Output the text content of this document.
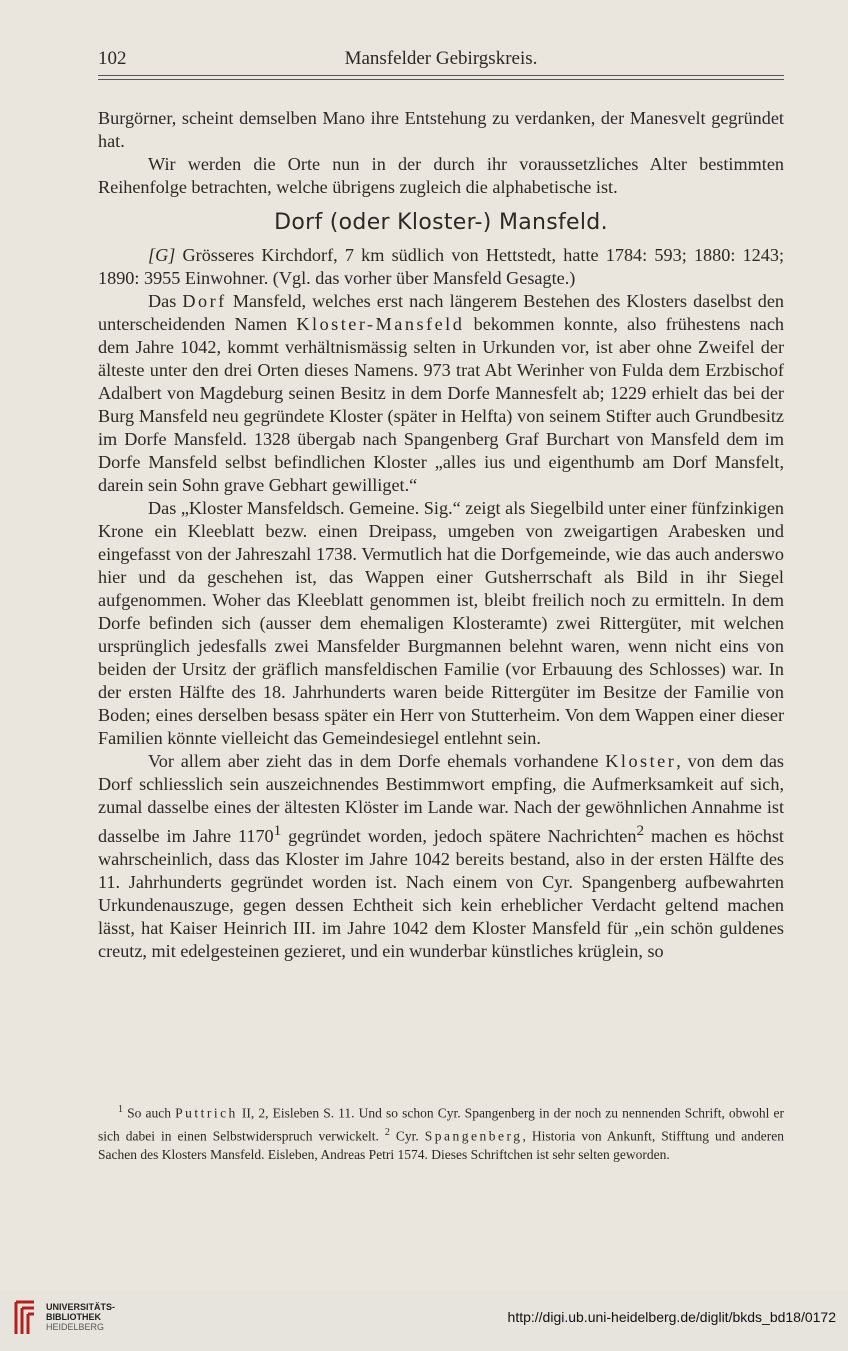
102	Mansfelder Gebirgskreis.

Burgörner, scheint demselben Mano ihre Entstehung zu verdanken, der Manesvelt gegründet hat.

Wir werden die Orte nun in der durch ihr voraussetzliches Alter bestimmten Reihenfolge betrachten, welche übrigens zugleich die alphabetische ist.

Dorf (oder Kloster-) Mansfeld.

[G] Grösseres Kirchdorf, 7 km südlich von Hettstedt, hatte 1784: 593; 1880: 1243; 1890: 3955 Einwohner. (Vgl. das vorher über Mansfeld Gesagte.)

Das Dorf Mansfeld, welches erst nach längerem Bestehen des Klosters daselbst den unterscheidenden Namen Kloster-Mansfeld bekommen konnte, also frühestens nach dem Jahre 1042, kommt verhältnismässig selten in Urkunden vor, ist aber ohne Zweifel der älteste unter den drei Orten dieses Namens. 973 trat Abt Werinher von Fulda dem Erzbischof Adalbert von Magdeburg seinen Besitz in dem Dorfe Mannesfelt ab; 1229 erhielt das bei der Burg Mansfeld neu gegründete Kloster (später in Helfta) von seinem Stifter auch Grundbesitz im Dorfe Mansfeld. 1328 übergab nach Spangenberg Graf Burchart von Mansfeld dem im Dorfe Mansfeld selbst befindlichen Kloster „alles ius und eigenthumb am Dorf Mansfelt, darein sein Sohn grave Gebhart gewilliget.“

Das „Kloster Mansfeldsch. Gemeine. Sig.“ zeigt als Siegelbild unter einer fünfzinkigen Krone ein Kleeblatt bezw. einen Dreipass, umgeben von zweigartigen Arabesken und eingefasst von der Jahreszahl 1738. Vermutlich hat die Dorfgemeinde, wie das auch anderswo hier und da geschehen ist, das Wappen einer Gutsherrschaft als Bild in ihr Siegel aufgenommen. Woher das Kleeblatt genommen ist, bleibt freilich noch zu ermitteln. In dem Dorfe befinden sich (ausser dem ehemaligen Klosteramte) zwei Rittergüter, mit welchen ursprünglich jedesfalls zwei Mansfelder Burgmannen belehnt waren, wenn nicht eins von beiden der Ursitz der gräflich mansfeldischen Familie (vor Erbauung des Schlosses) war. In der ersten Hälfte des 18. Jahrhunderts waren beide Rittergüter im Besitze der Familie von Boden; eines derselben besass später ein Herr von Stutterheim. Von dem Wappen einer dieser Familien könnte vielleicht das Gemeindesiegel entlehnt sein.

Vor allem aber zieht das in dem Dorfe ehemals vorhandene Kloster, von dem das Dorf schliesslich sein auszeichnendes Bestimmwort empfing, die Aufmerksamkeit auf sich, zumal dasselbe eines der ältesten Klöster im Lande war. Nach der gewöhnlichen Annahme ist dasselbe im Jahre 1170$^1$ gegründet worden, jedoch spätere Nachrichten$^2$ machen es höchst wahrscheinlich, dass das Kloster im Jahre 1042 bereits bestand, also in der ersten Hälfte des 11. Jahrhunderts gegründet worden ist. Nach einem von Cyr. Spangenberg aufbewahrten Urkundenauszuge, gegen dessen Echtheit sich kein erheblicher Verdacht geltend machen lässt, hat Kaiser Heinrich III. im Jahre 1042 dem Kloster Mansfeld für „ein schön guldenes creutz, mit edelgesteinen gezieret, und ein wunderbar künstliches krüglein, so

$^1$ So auch Puttrich II, 2, Eisleben S. 11. Und so schon Cyr. Spangenberg in der noch zu nennenden Schrift, obwohl er sich dabei in einen Selbstwiderspruch verwickelt. $^2$ Cyr. Spangenberg, Historia von Ankunft, Stifftung und anderen Sachen des Klosters Mansfeld. Eisleben, Andreas Petri 1574. Dieses Schriftchen ist sehr selten geworden.

UNIVERSITÄTS-
BIBLIOTHEK
HEIDELBERG
http://digi.ub.uni-heidelberg.de/diglit/bkds_bd18/0172
